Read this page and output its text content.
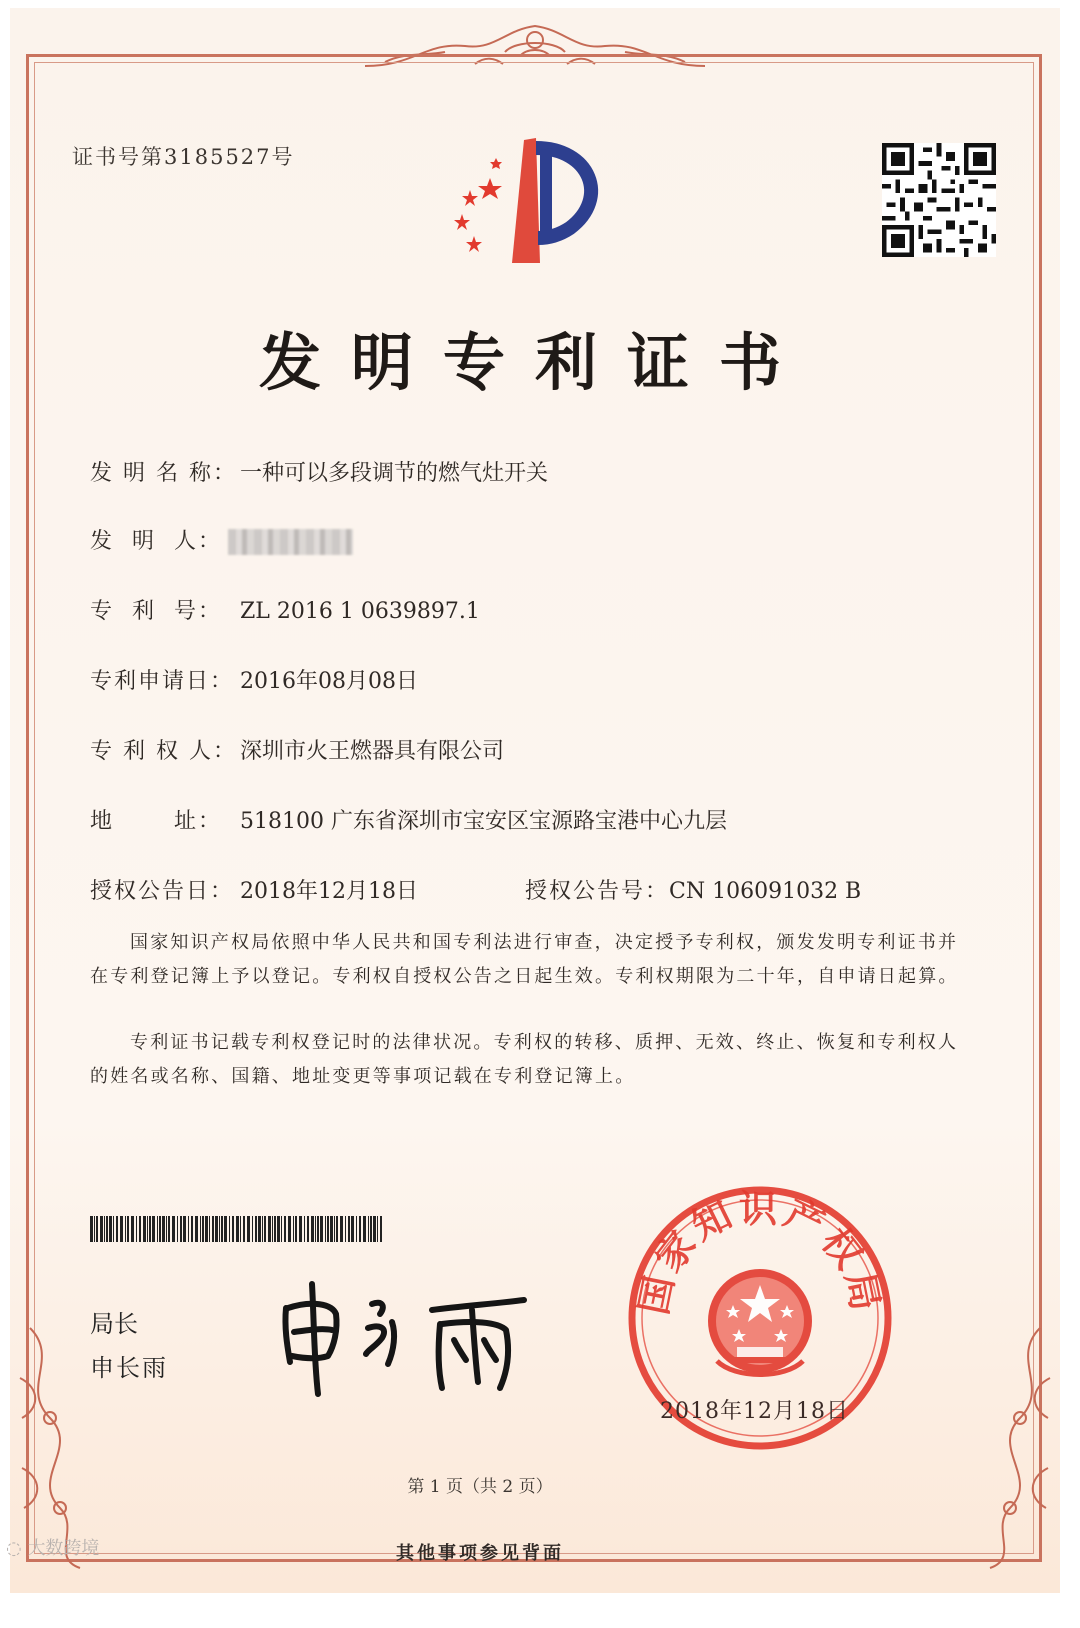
证书号第3185527号
发明专利证书
发 明 名 称： 一种可以多段调节的燃气灶开关
发 明 人：
专 利 号： ZL 2016 1 0639897.1
专利申请日： 2016年08月08日
专 利 权 人： 深圳市火王燃器具有限公司
地	址： 518100 广东省深圳市宝安区宝源路宝港中心九层
授权公告日： 2018年12月18日	授权公告号：CN 106091032 B
国家知识产权局依照中华人民共和国专利法进行审查，决定授予专利权，颁发发明专利证书并在专利登记簿上予以登记。专利权自授权公告之日起生效。专利权期限为二十年，自申请日起算。
专利证书记载专利权登记时的法律状况。专利权的转移、质押、无效、终止、恢复和专利权人的姓名或名称、国籍、地址变更等事项记载在专利登记簿上。
局长
申长雨
国家知识产权局
2018年12月18日
第 1 页（共 2 页）
其他事项参见背面
◌ 大数跨境
